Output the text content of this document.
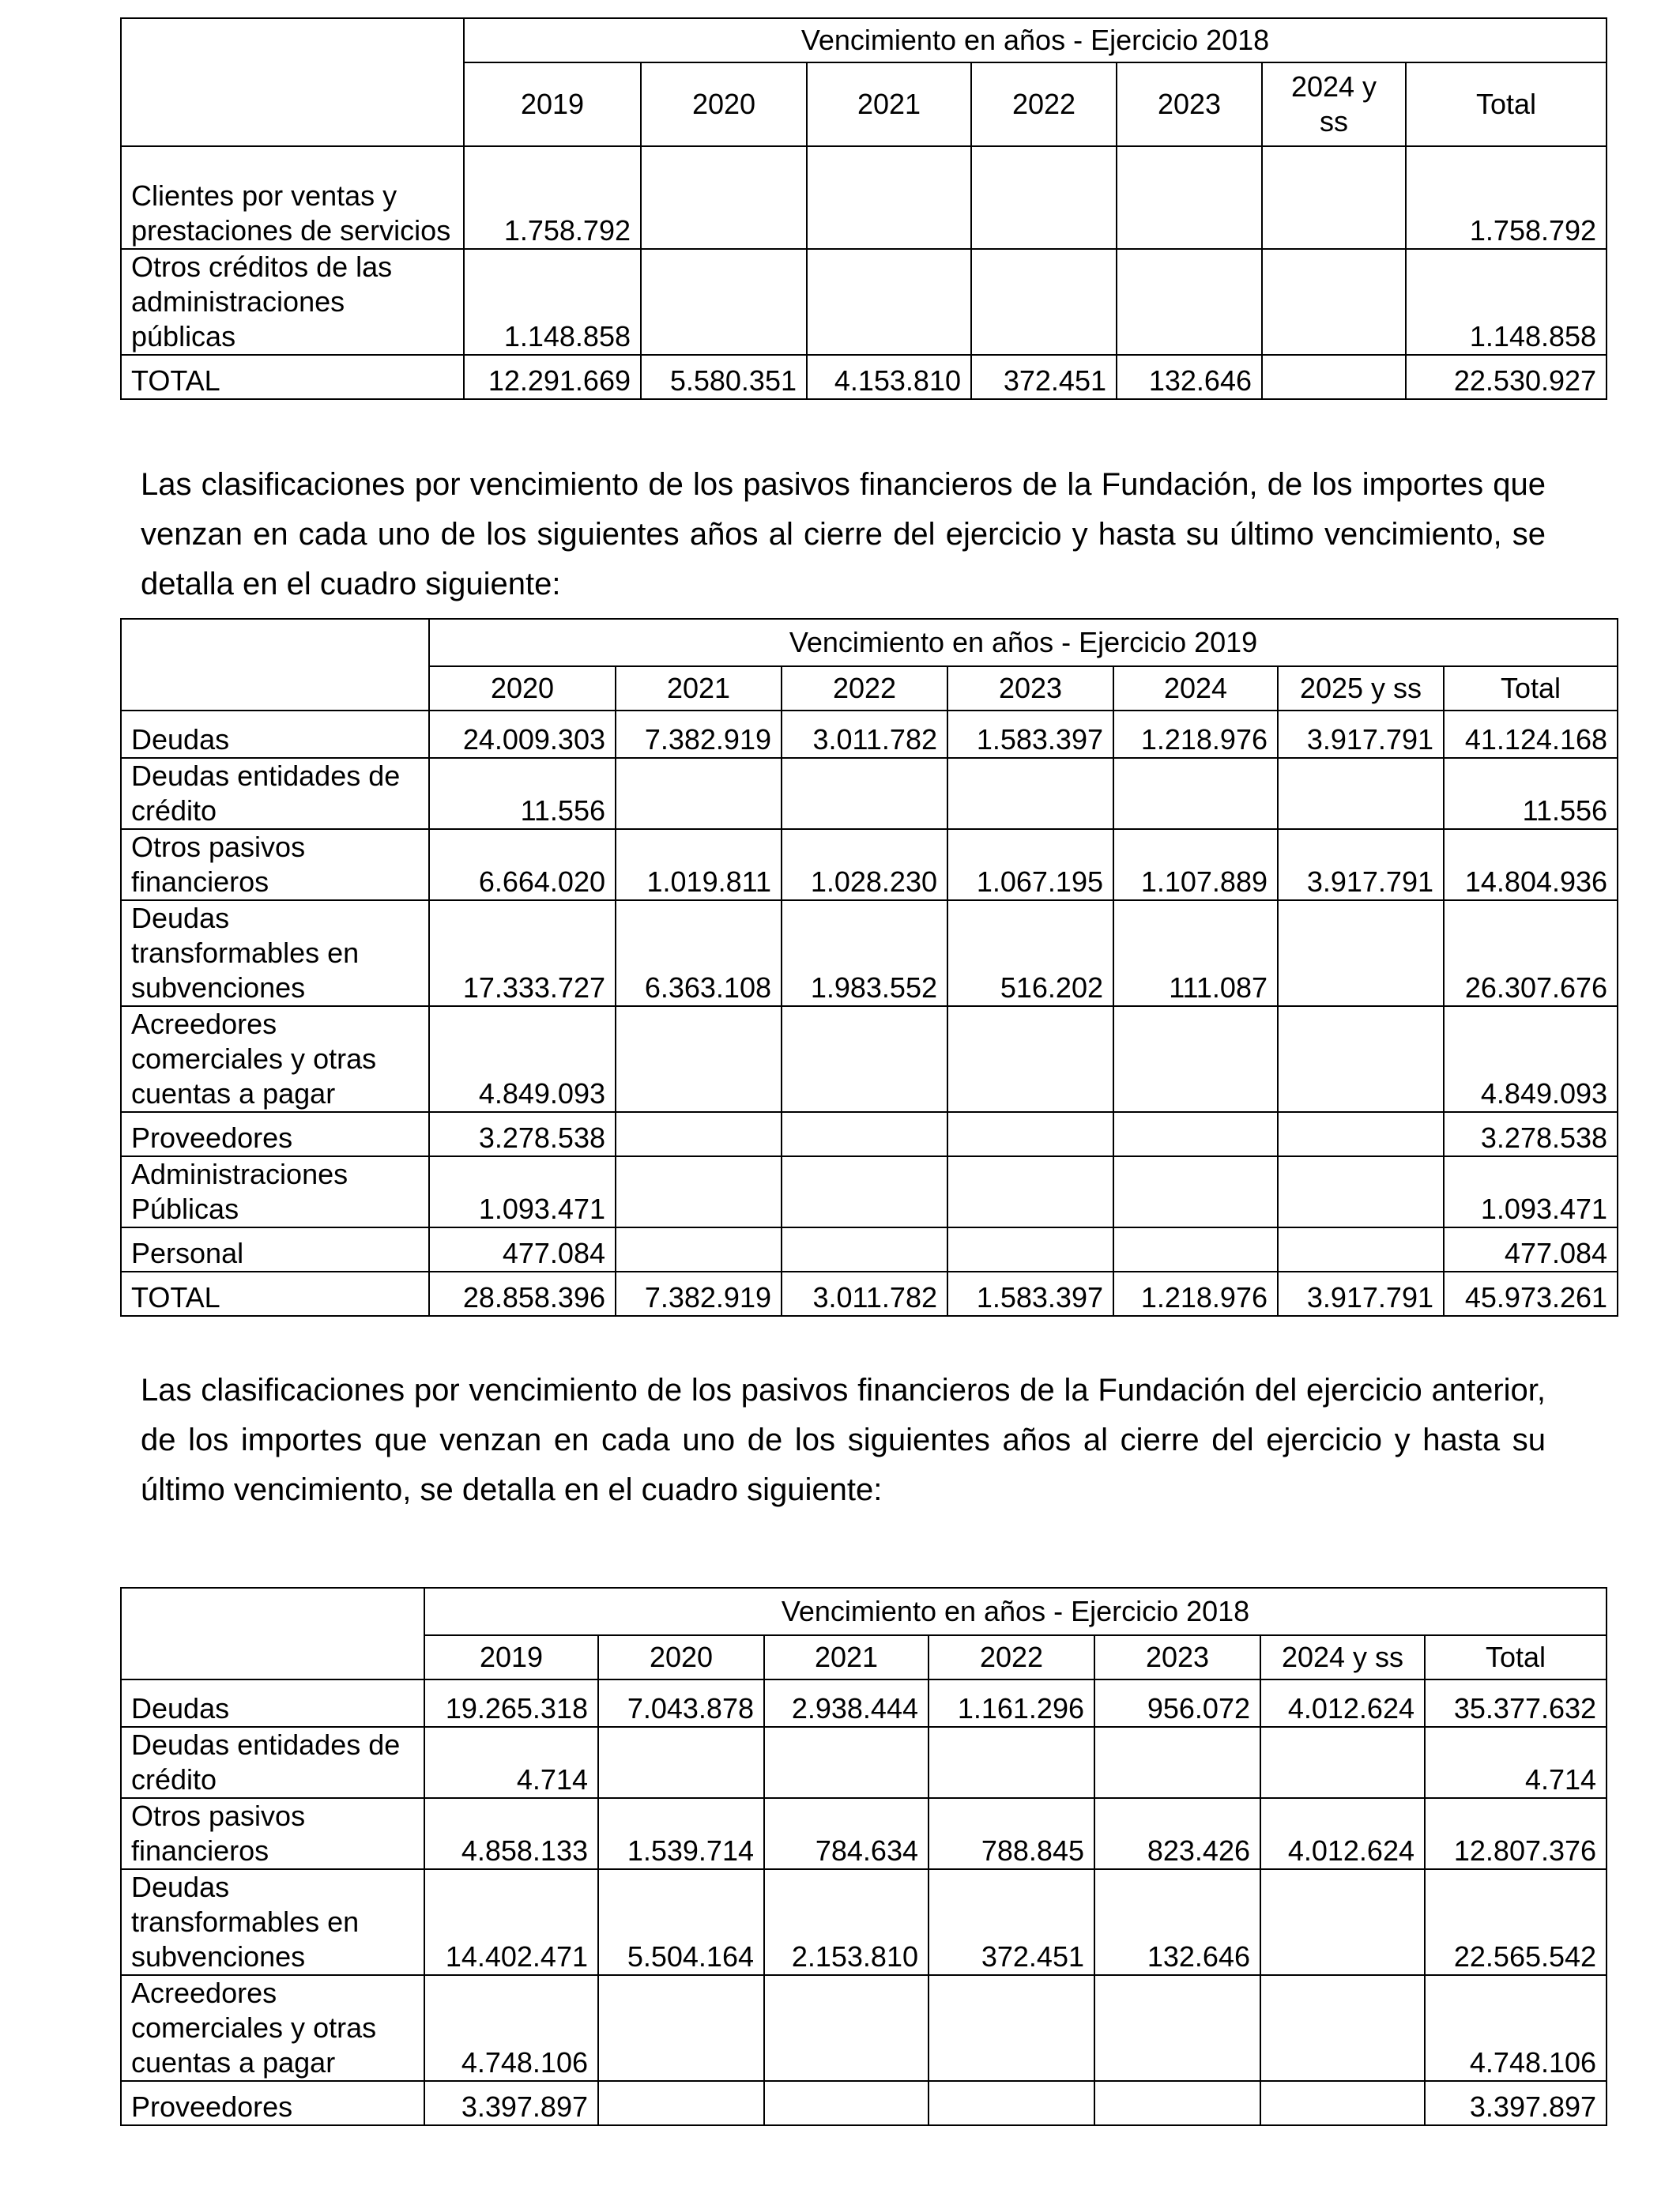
	Vencimiento en años - Ejercicio 2018						
	2019	2020	2021	2022	2023	2024 y ss	Total
Clientes por ventas y prestaciones de servicios	1.758.792						1.758.792
Otros créditos de las administraciones públicas	1.148.858						1.148.858
TOTAL	12.291.669	5.580.351	4.153.810	372.451	132.646		22.530.927

Las clasificaciones por vencimiento de los pasivos financieros de la Fundación, de los importes que venzan en cada uno de los siguientes años al cierre del ejercicio y hasta su último vencimiento, se detalla en el cuadro siguiente:

	Vencimiento en años - Ejercicio 2019						
	2020	2021	2022	2023	2024	2025 y ss	Total
Deudas	24.009.303	7.382.919	3.011.782	1.583.397	1.218.976	3.917.791	41.124.168
Deudas entidades de crédito	11.556						11.556
Otros pasivos financieros	6.664.020	1.019.811	1.028.230	1.067.195	1.107.889	3.917.791	14.804.936
Deudas transformables en subvenciones	17.333.727	6.363.108	1.983.552	516.202	111.087		26.307.676
Acreedores comerciales y otras cuentas a pagar	4.849.093						4.849.093
Proveedores	3.278.538						3.278.538
Administraciones Públicas	1.093.471						1.093.471
Personal	477.084						477.084
TOTAL	28.858.396	7.382.919	3.011.782	1.583.397	1.218.976	3.917.791	45.973.261

Las clasificaciones por vencimiento de los pasivos financieros de la Fundación del ejercicio anterior, de los importes que venzan en cada uno de los siguientes años al cierre del ejercicio y hasta su último vencimiento, se detalla en el cuadro siguiente:

	Vencimiento en años - Ejercicio 2018						
	2019	2020	2021	2022	2023	2024 y ss	Total
Deudas	19.265.318	7.043.878	2.938.444	1.161.296	956.072	4.012.624	35.377.632
Deudas entidades de crédito	4.714						4.714
Otros pasivos financieros	4.858.133	1.539.714	784.634	788.845	823.426	4.012.624	12.807.376
Deudas transformables en subvenciones	14.402.471	5.504.164	2.153.810	372.451	132.646		22.565.542
Acreedores comerciales y otras cuentas a pagar	4.748.106						4.748.106
Proveedores	3.397.897						3.397.897
